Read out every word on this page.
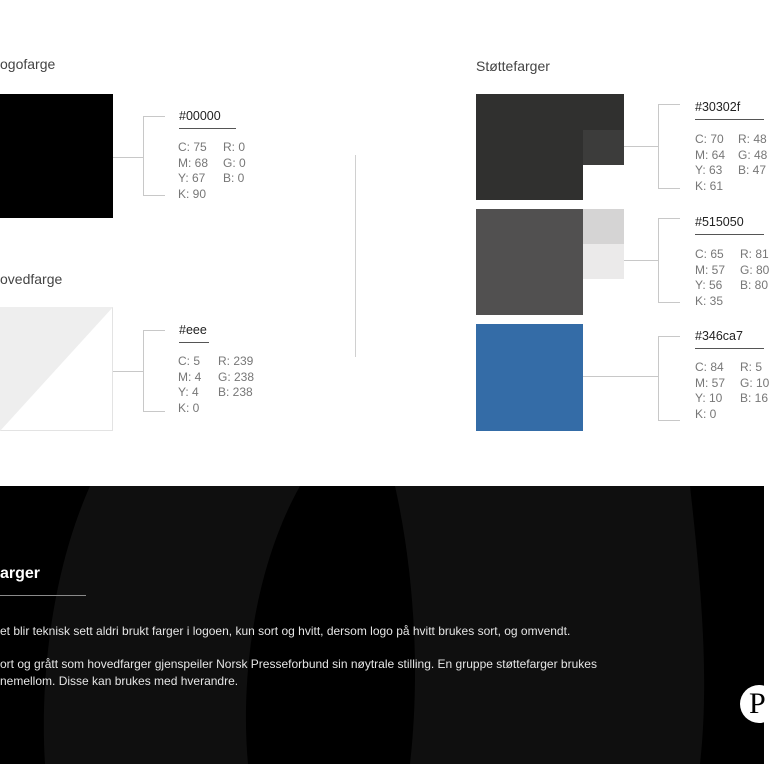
ogofarge
#00000
C: 75
M: 68
Y: 67
K: 90
R: 0
G: 0
B: 0
ovedfarge
#eee
C: 5
M: 4
Y: 4
K: 0
R: 239
G: 238
B: 238
Støttefarger
#30302f
C: 70
M: 64
Y: 63
K: 61
R: 48
G: 48
B: 47
#515050
C: 65
M: 57
Y: 56
K: 35
R: 81
G: 80
B: 80
#346ca7
C: 84
M: 57
Y: 10
K: 0
R: 5
G: 10
B: 16
arger
et blir teknisk sett aldri brukt farger i logoen, kun sort og hvitt, dersom logo på hvitt brukes sort, og omvendt.
ort og grått som hovedfarger gjenspeiler Norsk Presseforbund sin nøytrale stilling. En gruppe støttefarger brukes
nemellom. Disse kan brukes med hverandre.
P
